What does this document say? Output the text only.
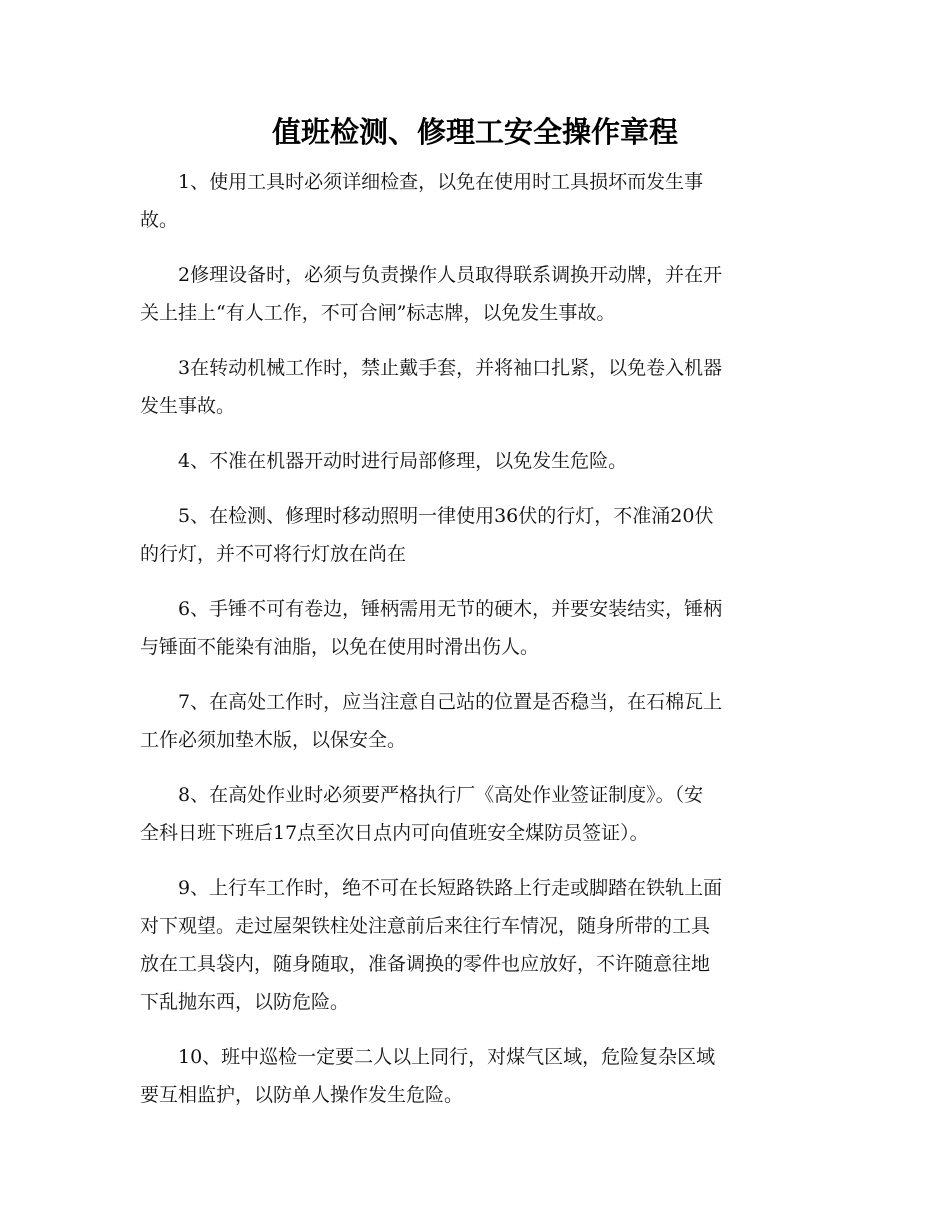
值班检测、修理工安全操作章程

1、使用工具时必须详细检查，以免在使用时工具损坏而发生事
故。

2修理设备时，必须与负责操作人员取得联系调换开动牌，并在开
关上挂上“有人工作，不可合闸”标志牌，以免发生事故。

3在转动机械工作时，禁止戴手套，并将袖口扎紧，以免卷入机器
发生事故。

4、不准在机器开动时进行局部修理，以免发生危险。

5、在检测、修理时移动照明一律使用36伏的行灯，不准涌20伏
的行灯，并不可将行灯放在尚在

6、手锤不可有卷边，锤柄需用无节的硬木，并要安装结实，锤柄
与锤面不能染有油脂，以免在使用时滑出伤人。

7、在高处工作时，应当注意自己站的位置是否稳当，在石棉瓦上
工作必须加垫木版，以保安全。

8、在高处作业时必须要严格执行厂《高处作业签证制度》。（安
全科日班下班后17点至次日点内可向值班安全煤防员签证）。

9、上行车工作时，绝不可在长短路铁路上行走或脚踏在铁轨上面
对下观望。走过屋架铁柱处注意前后来往行车情况，随身所带的工具
放在工具袋内，随身随取，准备调换的零件也应放好，不许随意往地
下乱抛东西，以防危险。

10、班中巡检一定要二人以上同行，对煤气区域，危险复杂区域
要互相监护，以防单人操作发生危险。
